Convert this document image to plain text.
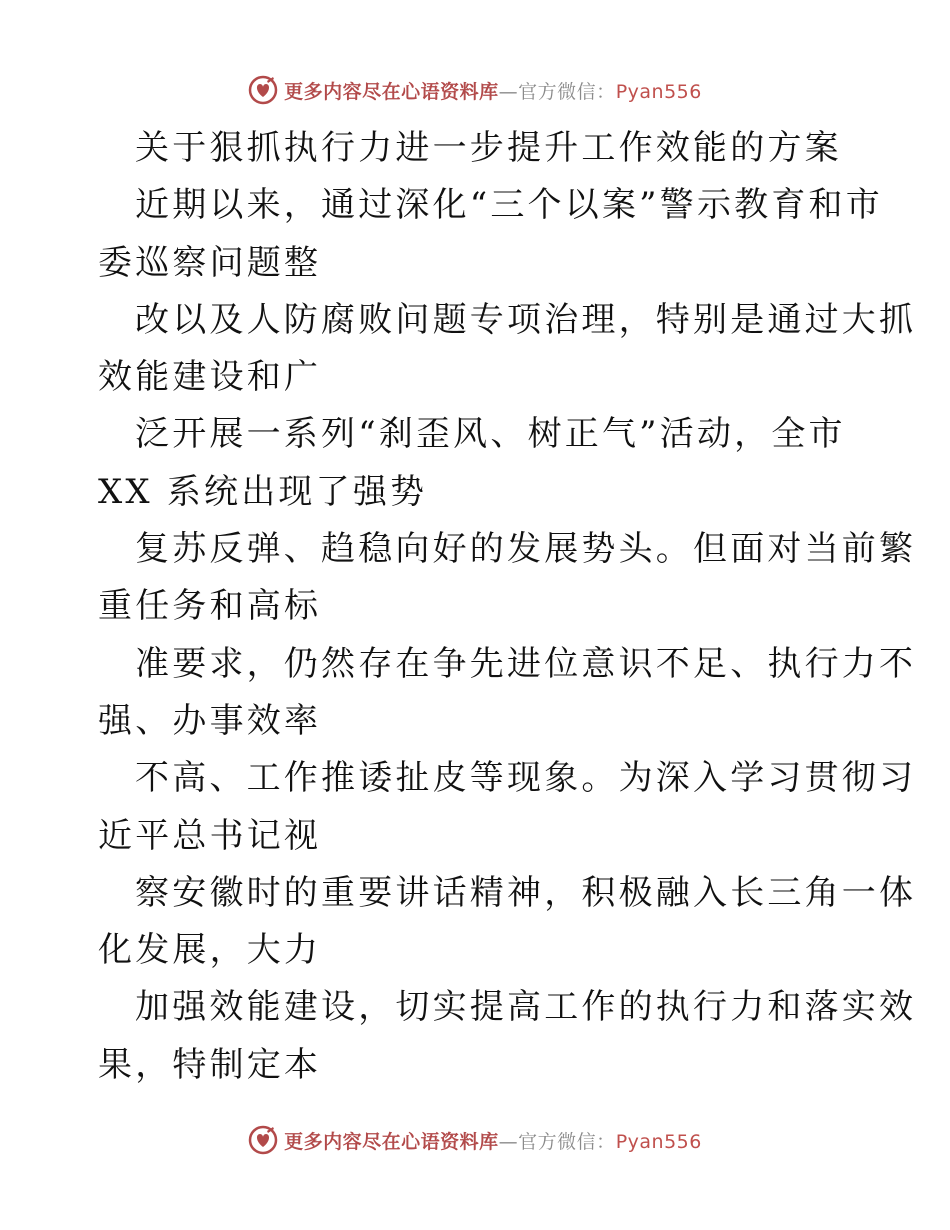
更多内容尽在心语资料库—官方微信：Pyan556
关于狠抓执行力进一步提升工作效能的方案
近期以来，通过深化“三个以案”警示教育和市
委巡察问题整
改以及人防腐败问题专项治理，特别是通过大抓
效能建设和广
泛开展一系列“刹歪风、树正气”活动，全市
XX 系统出现了强势
复苏反弹、趋稳向好的发展势头。但面对当前繁
重任务和高标
准要求，仍然存在争先进位意识不足、执行力不
强、办事效率
不高、工作推诿扯皮等现象。为深入学习贯彻习
近平总书记视
察安徽时的重要讲话精神，积极融入长三角一体
化发展，大力
加强效能建设，切实提高工作的执行力和落实效
果，特制定本
更多内容尽在心语资料库—官方微信：Pyan556
